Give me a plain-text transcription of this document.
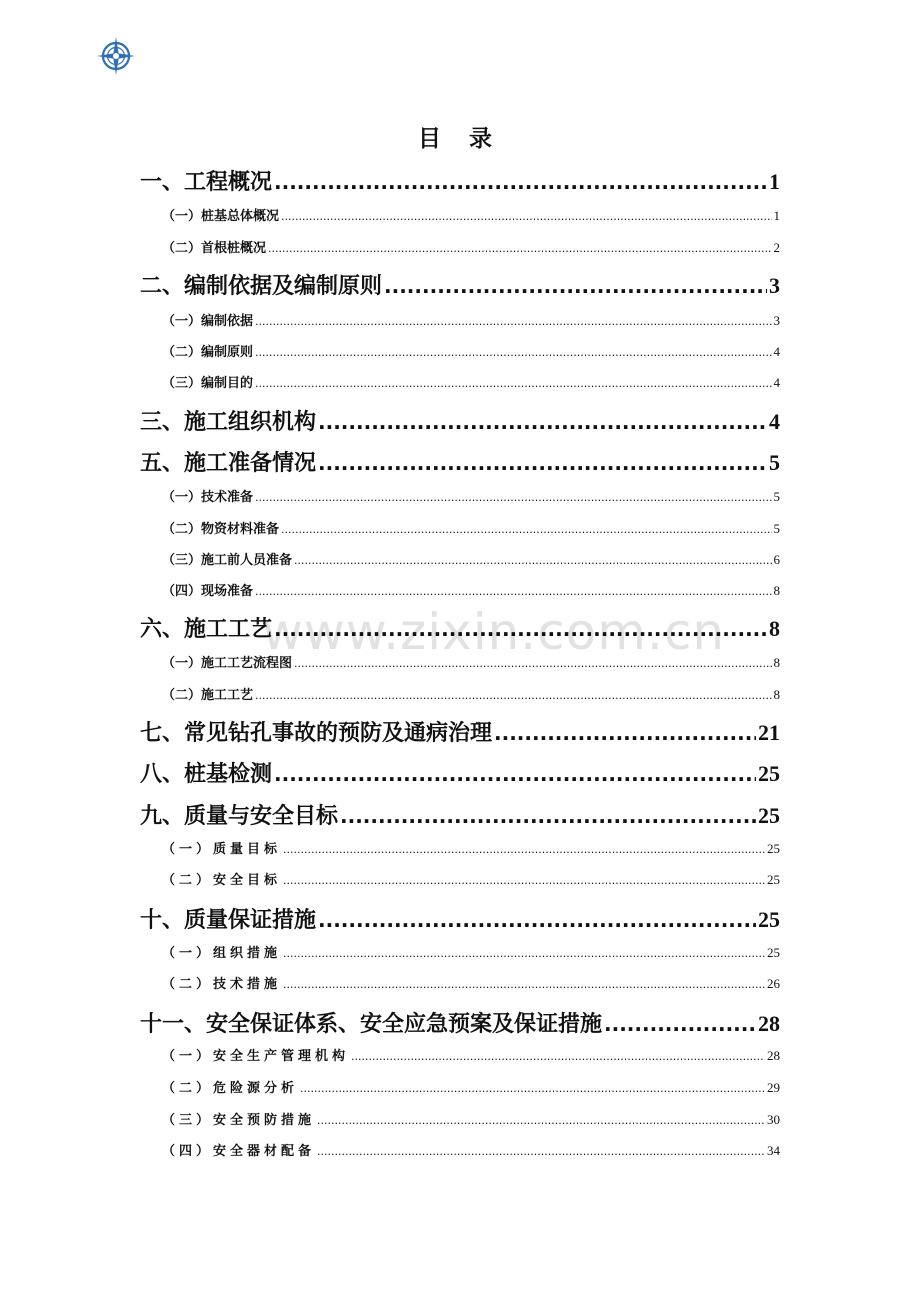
目 录
www.zixin.com.cn
一、工程概况 .....	1
（一）桩基总体概况 .....	1
（二）首根桩概况 .....	2
二、编制依据及编制原则 .....	3
（一）编制依据 .....	3
（二）编制原则 .....	4
（三）编制目的 .....	4
三、施工组织机构 .....	4
五、施工准备情况 .....	5
（一）技术准备 .....	5
（二）物资材料准备 .....	5
（三）施工前人员准备 .....	6
（四）现场准备 .....	8
六、施工工艺 .....	8
（一）施工工艺流程图 .....	8
（二）施工工艺 .....	8
七、常见钻孔事故的预防及通病治理 .....	21
八、桩基检测 .....	25
九、质量与安全目标 .....	25
（一）质量目标 .....	25
（二）安全目标 .....	25
十、质量保证措施 .....	25
（一）组织措施 .....	25
（二）技术措施 .....	26
十一、安全保证体系、安全应急预案及保证措施 .....	28
（一）安全生产管理机构 .....	28
（二）危险源分析 .....	29
（三）安全预防措施 .....	30
（四）安全器材配备 .....	34
